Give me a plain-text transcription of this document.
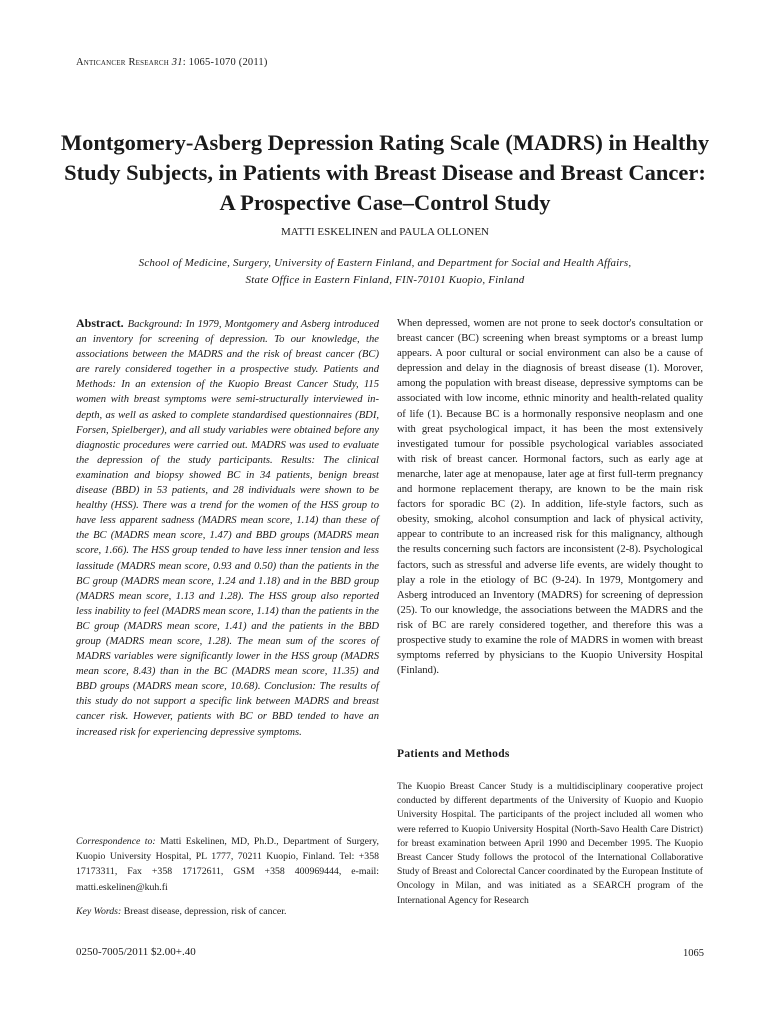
Anticancer Research 31: 1065-1070 (2011)
Montgomery-Asberg Depression Rating Scale (MADRS) in Healthy Study Subjects, in Patients with Breast Disease and Breast Cancer: A Prospective Case–Control Study
MATTI ESKELINEN and PAULA OLLONEN
School of Medicine, Surgery, University of Eastern Finland, and Department for Social and Health Affairs,
State Office in Eastern Finland, FIN-70101 Kuopio, Finland
Abstract. Background: In 1979, Montgomery and Asberg introduced an inventory for screening of depression. To our knowledge, the associations between the MADRS and the risk of breast cancer (BC) are rarely considered together in a prospective study. Patients and Methods: In an extension of the Kuopio Breast Cancer Study, 115 women with breast symptoms were semi-structurally interviewed in-depth, as well as asked to complete standardised questionnaires (BDI, Forsen, Spielberger), and all study variables were obtained before any diagnostic procedures were carried out. MADRS was used to evaluate the depression of the study participants. Results: The clinical examination and biopsy showed BC in 34 patients, benign breast disease (BBD) in 53 patients, and 28 individuals were shown to be healthy (HSS). There was a trend for the women of the HSS group to have less apparent sadness (MADRS mean score, 1.14) than these of the BC (MADRS mean score, 1.47) and BBD groups (MADRS mean score, 1.66). The HSS group tended to have less inner tension and less lassitude (MADRS mean score, 0.93 and 0.50) than the patients in the BC group (MADRS mean score, 1.24 and 1.18) and in the BBD group (MADRS mean score, 1.13 and 1.28). The HSS group also reported less inability to feel (MADRS mean score, 1.14) than the patients in the BC group (MADRS mean score, 1.41) and the patients in the BBD group (MADRS mean score, 1.28). The mean sum of the scores of MADRS variables were significantly lower in the HSS group (MADRS mean score, 8.43) than in the BC (MADRS mean score, 11.35) and BBD groups (MADRS mean score, 10.68). Conclusion: The results of this study do not support a specific link between MADRS and breast cancer risk. However, patients with BC or BBD tended to have an increased risk for experiencing depressive symptoms.
Correspondence to: Matti Eskelinen, MD, Ph.D., Department of Surgery, Kuopio University Hospital, PL 1777, 70211 Kuopio, Finland. Tel: +358 17173311, Fax +358 17172611, GSM +358 400969444, e-mail: matti.eskelinen@kuh.fi
Key Words: Breast disease, depression, risk of cancer.
When depressed, women are not prone to seek doctor's consultation or breast cancer (BC) screening when breast symptoms or a breast lump appears. A poor cultural or social environment can also be a cause of depression and delay in the diagnosis of breast disease (1). Morover, among the population with breast disease, depressive symptoms can be associated with low income, ethnic minority and health-related quality of life (1). Because BC is a hormonally responsive neoplasm and one with great psychological impact, it has been the most extensively investigated tumour for possible psychological variables associated with risk of breast cancer. Hormonal factors, such as early age at menarche, later age at menopause, later age at first full-term pregnancy and hormone replacement therapy, are known to be the main risk factors for sporadic BC (2). In addition, life-style factors, such as obesity, smoking, alcohol consumption and lack of physical activity, appear to contribute to an increased risk for this malignancy, although the results concerning such factors are inconsistent (2-8). Psychological factors, such as stressful and adverse life events, are widely thought to play a role in the etiology of BC (9-24). In 1979, Montgomery and Asberg introduced an Inventory (MADRS) for screening of depression (25). To our knowledge, the associations between the MADRS and the risk of BC are rarely considered together, and therefore this was a prospective study to examine the role of MADRS in women with breast symptoms referred by physicians to the Kuopio University Hospital (Finland).
Patients and Methods
The Kuopio Breast Cancer Study is a multidisciplinary cooperative project conducted by different departments of the University of Kuopio and Kuopio University Hospital. The participants of the project included all women who were referred to Kuopio University Hospital (North-Savo Health Care District) for breast examination between April 1990 and December 1995. The Kuopio Breast Cancer Study follows the protocol of the International Collaborative Study of Breast and Colorectal Cancer coordinated by the European Institute of Oncology in Milan, and was initiated as a SEARCH program of the International Agency for Research
0250-7005/2011 $2.00+.40	1065
